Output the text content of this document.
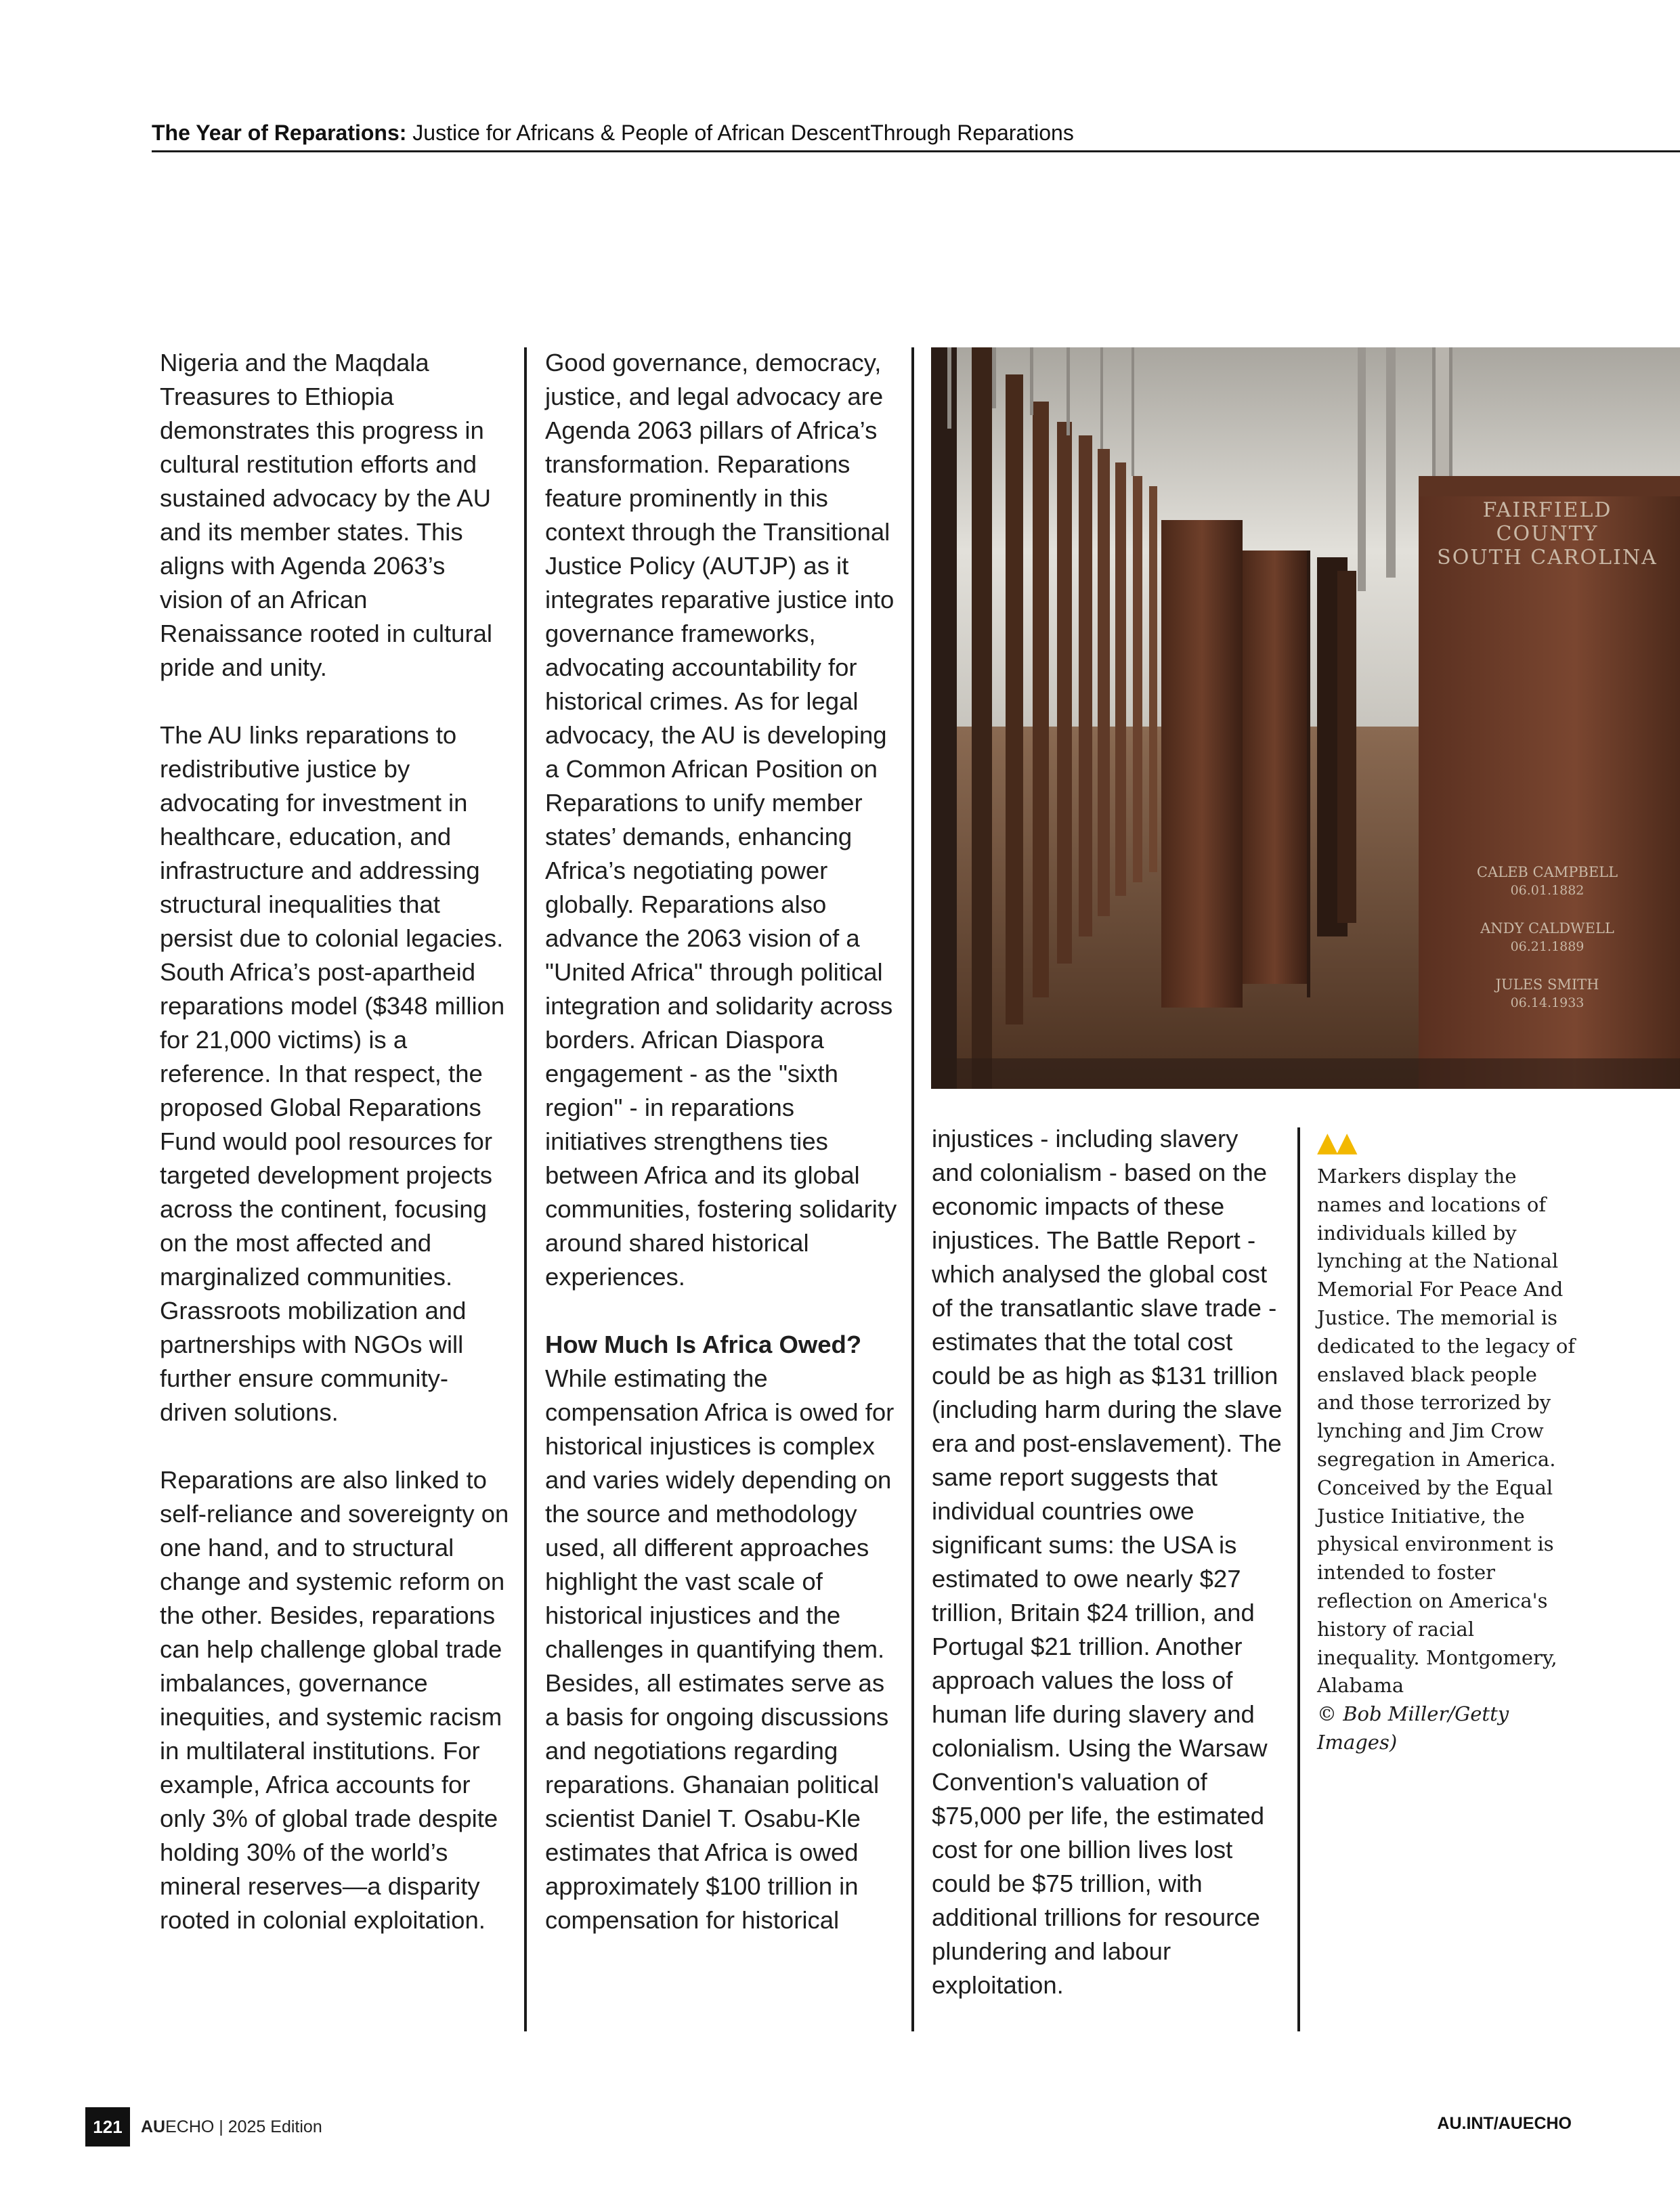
The Year of Reparations: Justice for Africans & People of African DescentThrough Reparations

Nigeria and the Maqdala Treasures to Ethiopia demonstrates this progress in cultural restitution efforts and sustained advocacy by the AU and its member states. This aligns with Agenda 2063’s vision of an African Renaissance rooted in cultural pride and unity.

The AU links reparations to redistributive justice by advocating for investment in healthcare, education, and infrastructure and addressing structural inequalities that persist due to colonial legacies. South Africa’s post-apartheid reparations model ($348 million for 21,000 victims) is a reference. In that respect, the proposed Global Reparations Fund would pool resources for targeted development projects across the continent, focusing on the most affected and marginalized communities. Grassroots mobilization and partnerships with NGOs will further ensure community-driven solutions.

Reparations are also linked to self-reliance and sovereignty on one hand, and to structural change and systemic reform on the other. Besides, reparations can help challenge global trade imbalances, governance inequities, and systemic racism in multilateral institutions. For example, Africa accounts for only 3% of global trade despite holding 30% of the world’s mineral reserves—a disparity rooted in colonial exploitation.

Good governance, democracy, justice, and legal advocacy are Agenda 2063 pillars of Africa’s transformation. Reparations feature prominently in this context through the Transitional Justice Policy (AUTJP) as it integrates reparative justice into governance frameworks, advocating accountability for historical crimes. As for legal advocacy, the AU is developing a Common African Position on Reparations to unify member states’ demands, enhancing Africa’s negotiating power globally. Reparations also advance the 2063 vision of a "United Africa" through political integration and solidarity across borders. African Diaspora engagement - as the "sixth region" - in reparations initiatives strengthens ties between Africa and its global communities, fostering solidarity around shared historical experiences.

How Much Is Africa Owed?

While estimating the compensation Africa is owed for historical injustices is complex and varies widely depending on the source and methodology used, all different approaches highlight the vast scale of historical injustices and the challenges in quantifying them. Besides, all estimates serve as a basis for ongoing discussions and negotiations regarding reparations. Ghanaian political scientist Daniel T. Osabu-Kle estimates that Africa is owed approximately $100 trillion in compensation for historical

FAIRFIELD
COUNTY
SOUTH CAROLINA
CALEB CAMPBELL
06.01.1882
ANDY CALDWELL
06.21.1889
JULES SMITH
06.14.1933

injustices - including slavery and colonialism - based on the economic impacts of these injustices. The Battle Report - which analysed the global cost of the transatlantic slave trade - estimates that the total cost could be as high as $131 trillion (including harm during the slave era and post-enslavement). The same report suggests that individual countries owe significant sums: the USA is estimated to owe nearly $27 trillion, Britain $24 trillion, and Portugal $21 trillion. Another approach values the loss of human life during slavery and colonialism. Using the Warsaw Convention's valuation of $75,000 per life, the estimated cost for one billion lives lost could be $75 trillion, with additional trillions for resource plundering and labour exploitation.

▲▲
Markers display the names and locations of individuals killed by lynching at the National Memorial For Peace And Justice. The memorial is dedicated to the legacy of enslaved black people and those terrorized by lynching and Jim Crow segregation in America. Conceived by the Equal Justice Initiative, the physical environment is intended to foster reflection on America's history of racial inequality. Montgomery, Alabama
© Bob Miller/Getty Images)
121	AUECHO | 2025 Edition	AU.INT/AUECHO
